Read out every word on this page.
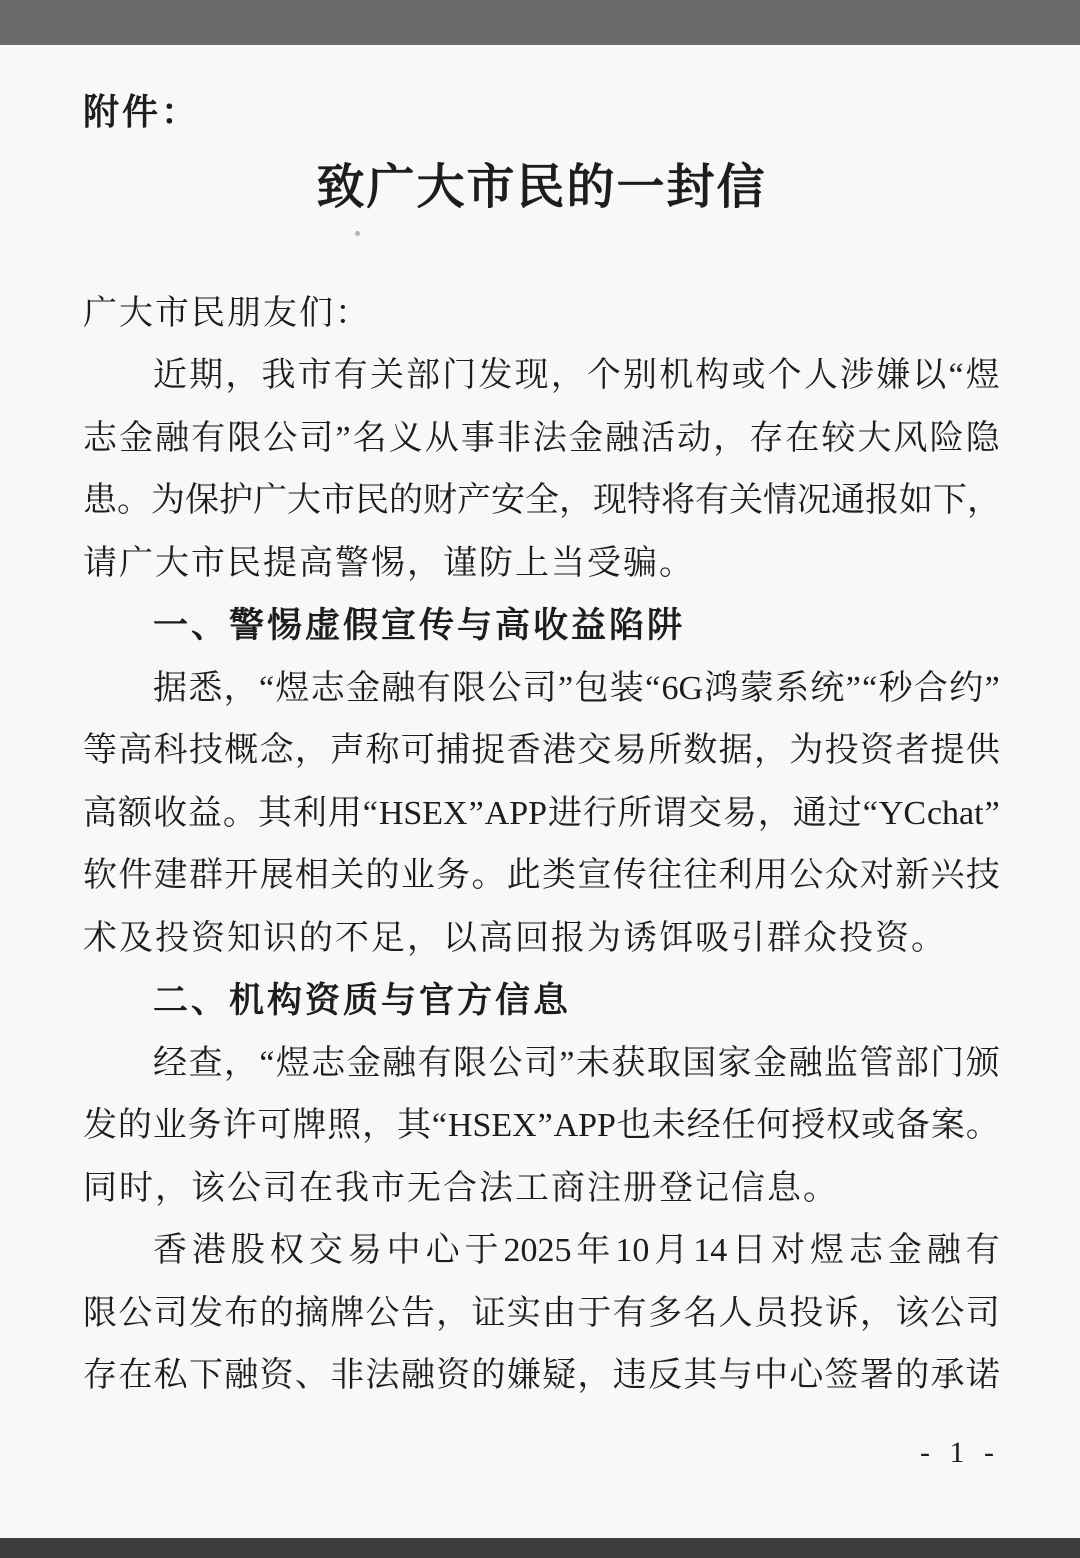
附件：
致广大市民的一封信
广大市民朋友们：
近 期 ， 我 市 有 关 部 门 发 现 ， 个 别 机 构 或 个 人 涉 嫌 以 “ 煜
志 金 融 有 限 公 司 ” 名 义 从 事 非 法 金 融 活 动 ， 存 在 较 大 风 险 隐
患 。 为 保 护 广 大 市 民 的 财 产 安 全 ， 现 特 将 有 关 情 况 通 报 如 下 ，
请广大市民提高警惕，谨防上当受骗。
一、警惕虚假宣传与高收益陷阱
据 悉 ， “ 煜 志 金 融 有 限 公 司 ” 包 装 “ 6G 鸿 蒙 系 统 ” “ 秒 合 约 ”
等 高 科 技 概 念 ， 声 称 可 捕 捉 香 港 交 易 所 数 据 ， 为 投 资 者 提 供
高 额 收 益 。 其 利 用 “ HSEX ” APP 进 行 所 谓 交 易 ， 通 过 “ YC chat ”
软 件 建 群 开 展 相 关 的 业 务 。 此 类 宣 传 往 往 利 用 公 众 对 新 兴 技
术及投资知识的不足，以高回报为诱饵吸引群众投资。
二、机构资质与官方信息
经 查 ， “ 煜 志 金 融 有 限 公 司 ” 未 获 取 国 家 金 融 监 管 部 门 颁
发 的 业 务 许 可 牌 照 ， 其 “ HSEX ” APP 也 未 经 任 何 授 权 或 备 案 。
同时，该公司在我市无合法工商注册登记信息。
香 港 股 权 交 易 中 心 于 2025 年 10 月 14 日 对 煜 志 金 融 有
限 公 司 发 布 的 摘 牌 公 告 ， 证 实 由 于 有 多 名 人 员 投 诉 ， 该 公 司
存 在 私 下 融 资 、 非 法 融 资 的 嫌 疑 ， 违 反 其 与 中 心 签 署 的 承 诺
- 1 -
